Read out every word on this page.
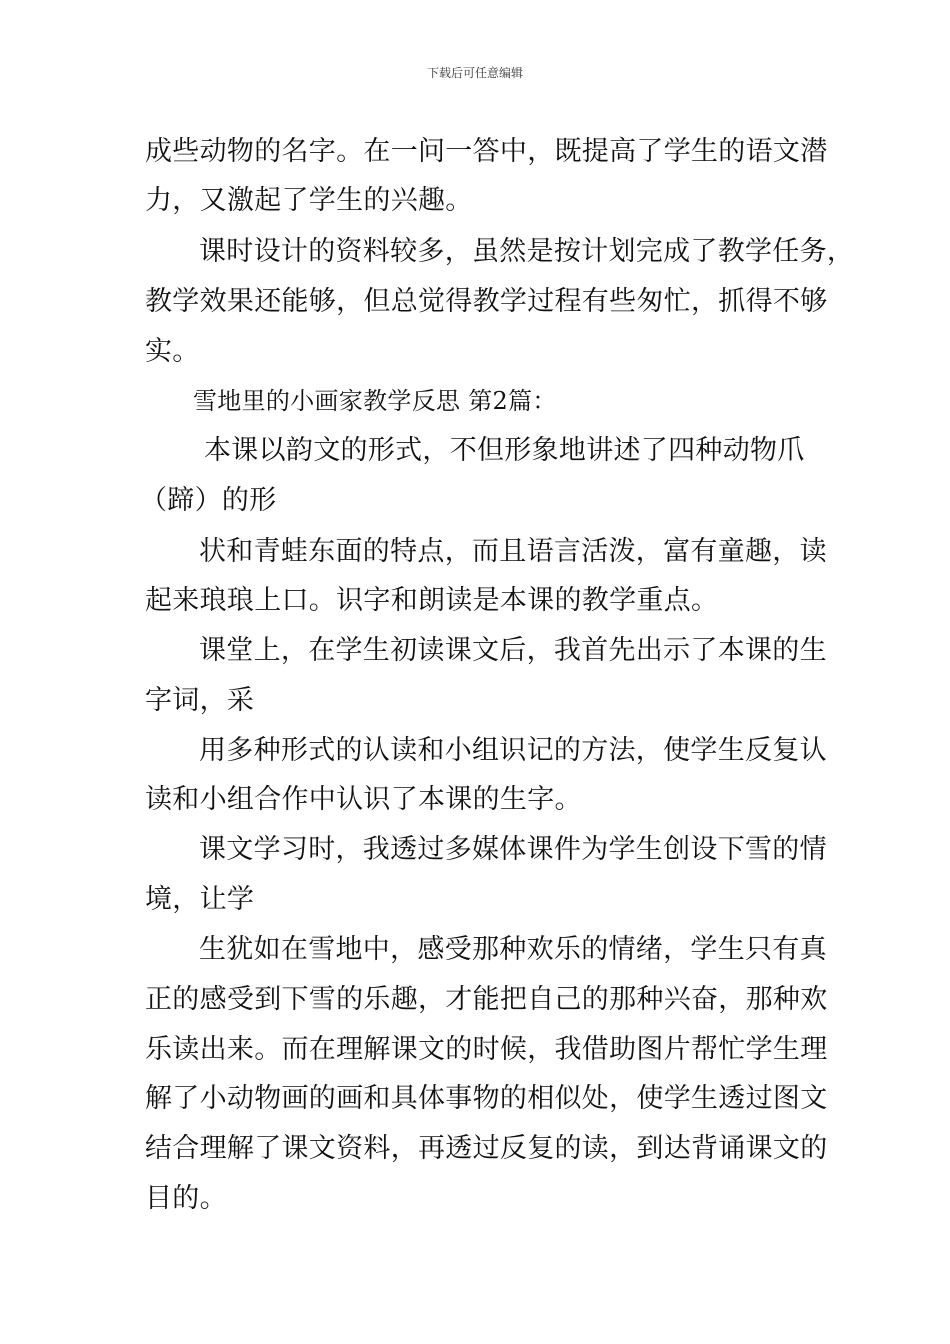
下载后可任意编辑
成些动物的名字。在一问一答中，既提高了学生的语文潜
力，又激起了学生的兴趣。
课时设计的资料较多，虽然是按计划完成了教学任务，
教学效果还能够，但总觉得教学过程有些匆忙，抓得不够
实。
雪地里的小画家教学反思 第2篇：
本课以韵文的形式，不但形象地讲述了四种动物爪
（蹄）的形
状和青蛙东面的特点，而且语言活泼，富有童趣，读
起来琅琅上口。识字和朗读是本课的教学重点。
课堂上，在学生初读课文后，我首先出示了本课的生
字词，采
用多种形式的认读和小组识记的方法，使学生反复认
读和小组合作中认识了本课的生字。
课文学习时，我透过多媒体课件为学生创设下雪的情
境，让学
生犹如在雪地中，感受那种欢乐的情绪，学生只有真
正的感受到下雪的乐趣，才能把自己的那种兴奋，那种欢
乐读出来。而在理解课文的时候，我借助图片帮忙学生理
解了小动物画的画和具体事物的相似处，使学生透过图文
结合理解了课文资料，再透过反复的读，到达背诵课文的
目的。
